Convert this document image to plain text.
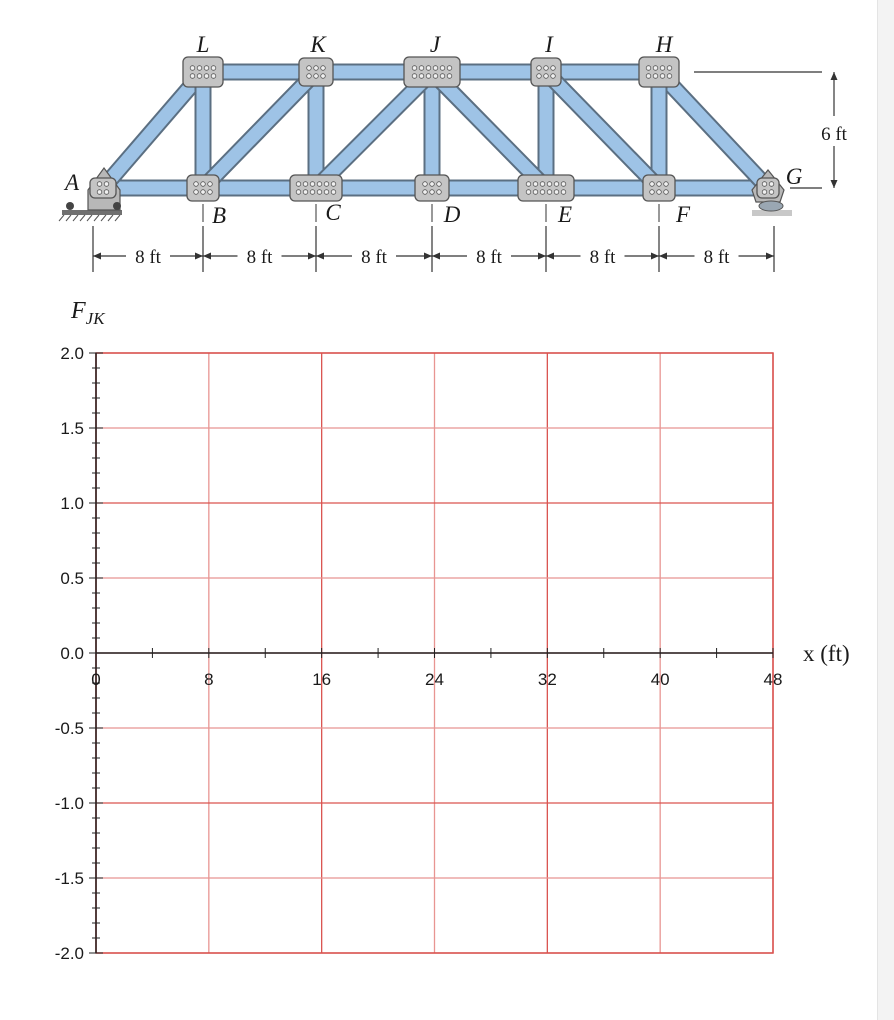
A
B	C	D	E	F
G
H
I
J
K
L
8 ft	8 ft	8 ft	8 ft	8 ft	8 ft
6 ft
2.0
1.5
1.0
0.5
0.0
-0.5
-1.0
-1.5
-2.0
0	8	16	24	32	40	48
$F_{JK}$
x (ft)
